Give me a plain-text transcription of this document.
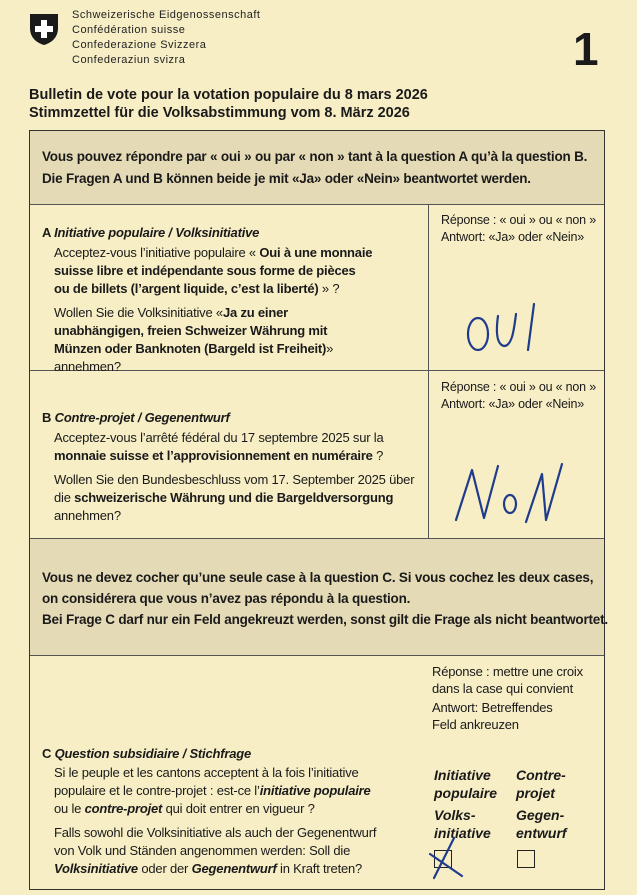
Schweizerische Eidgenossenschaft
Confédération suisse
Confederazione Svizzera
Confederaziun svizra	1
Bulletin de vote pour la votation populaire du 8 mars 2026
Stimmzettel für die Volksabstimmung vom 8. März 2026
Vous pouvez répondre par « oui » ou par « non » tant à la question A qu’à la question B.
Die Fragen A und B können beide je mit «Ja» oder «Nein» beantwortet werden.
A Initiative populaire / Volksinitiative
Acceptez-vous l’initiative populaire « Oui à une monnaie suisse libre et indépendante sous forme de pièces ou de billets (l’argent liquide, c’est la liberté) » ?
Wollen Sie die Volksinitiative «Ja zu einer unabhängigen, freien Schweizer Währung mit Münzen oder Banknoten (Bargeld ist Freiheit)» annehmen?
Réponse : « oui » ou « non »
Antwort: «Ja» oder «Nein»
Réponse : « oui » ou « non »
Antwort: «Ja» oder «Nein»
B Contre-projet / Gegenentwurf
Acceptez-vous l’arrêté fédéral du 17 septembre 2025 sur la monnaie suisse et l’approvisionnement en numéraire ?
Wollen Sie den Bundesbeschluss vom 17. September 2025 über die schweizerische Währung und die Bargeldversorgung annehmen?
Vous ne devez cocher qu’une seule case à la question C. Si vous cochez les deux cases,
on considérera que vous n’avez pas répondu à la question.
Bei Frage C darf nur ein Feld angekreuzt werden, sonst gilt die Frage als nicht beantwortet.
Réponse : mettre une croix
dans la case qui convient
Antwort: Betreffendes
Feld ankreuzen
C Question subsidiaire / Stichfrage
Si le peuple et les cantons acceptent à la fois l’initiative populaire et le contre-projet : est-ce l’initiative populaire ou le contre-projet qui doit entrer en vigueur ?
Falls sowohl die Volksinitiative als auch der Gegenentwurf von Volk und Ständen angenommen werden: Soll die Volksinitiative oder der Gegenentwurf in Kraft treten?
Initiative
populaire
Volks-
initiative
Contre-
projet
Gegen-
entwurf
